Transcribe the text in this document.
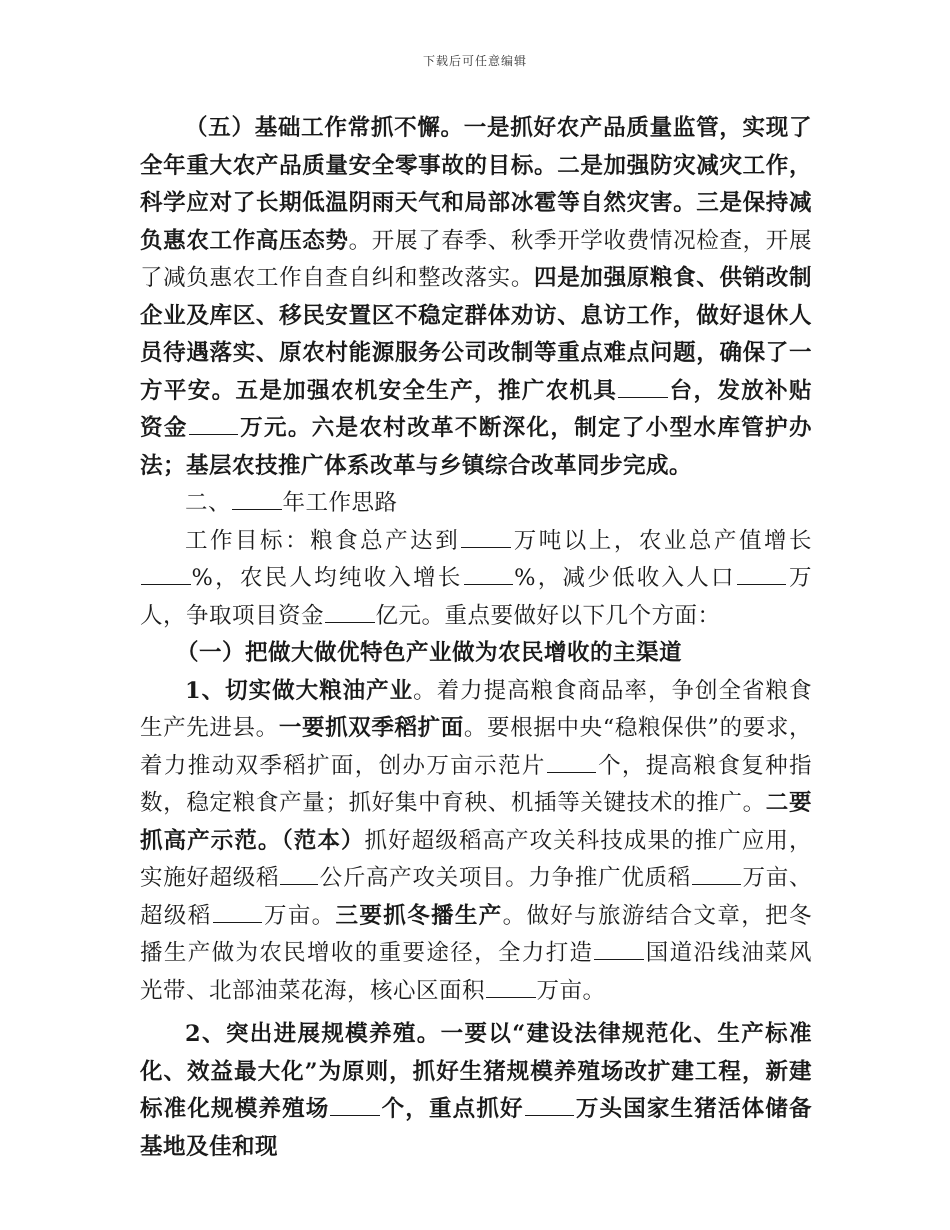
下载后可任意编辑

（五）基础工作常抓不懈。一是抓好农产品质量监管，实现了全年重大农产品质量安全零事故的目标。二是加强防灾减灾工作，科学应对了长期低温阴雨天气和局部冰雹等自然灾害。三是保持减负惠农工作高压态势。开展了春季、秋季开学收费情况检查，开展了减负惠农工作自查自纠和整改落实。四是加强原粮食、供销改制企业及库区、移民安置区不稳定群体劝访、息访工作，做好退休人员待遇落实、原农村能源服务公司改制等重点难点问题，确保了一方平安。五是加强农机安全生产，推广农机具 台，发放补贴资金 万元。六是农村改革不断深化，制定了小型水库管护办法；基层农技推广体系改革与乡镇综合改革同步完成。

二、 年工作思路

工作目标：粮食总产达到 万吨以上，农业总产值增长%，农民人均纯收入增长 %，减少低收入人口 万人，争取项目资金 亿元。重点要做好以下几个方面：

（一）把做大做优特色产业做为农民增收的主渠道

1、切实做大粮油产业。着力提高粮食商品率，争创全省粮食生产先进县。一要抓双季稻扩面。要根据中央“稳粮保供”的要求，着力推动双季稻扩面，创办万亩示范片 个，提高粮食复种指数，稳定粮食产量；抓好集中育秧、机插等关键技术的推广。二要抓高产示范。（范本）抓好超级稻高产攻关科技成果的推广应用，实施好超级稻 公斤高产攻关项目。力争推广优质稻 万亩、超级稻 万亩。三要抓冬播生产。做好与旅游结合文章，把冬播生产做为农民增收的重要途径，全力打造 国道沿线油菜风光带、北部油菜花海，核心区面积 万亩。

2、突出进展规模养殖。一要以“建设法律规范化、生产标准化、效益最大化”为原则，抓好生猪规模养殖场改扩建工程，新建标准化规模养殖场 个，重点抓好 万头国家生猪活体储备基地及佳和现
